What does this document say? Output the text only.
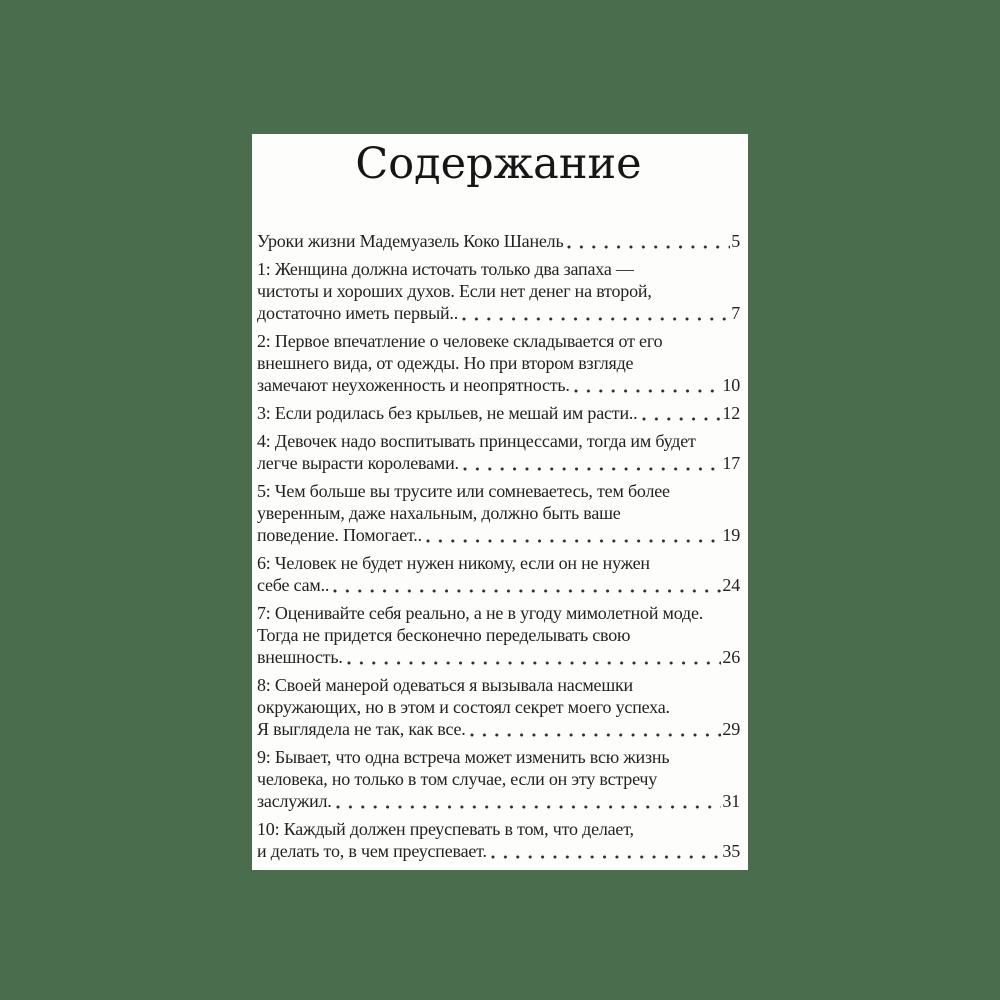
Содержание
Уроки жизни Мадемуазель Коко Шанель	5
1: Женщина должна источать только два запаха —
чистоты и хороших духов. Если нет денег на второй,
достаточно иметь первый..	7
2: Первое впечатление о человеке складывается от его
внешнего вида, от одежды. Но при втором взгляде
замечают неухоженность и неопрятность.	10
3: Если родилась без крыльев, не мешай им расти..	12
4: Девочек надо воспитывать принцессами, тогда им будет
легче вырасти королевами.	17
5: Чем больше вы трусите или сомневаетесь, тем более
уверенным, даже нахальным, должно быть ваше
поведение. Помогает..	19
6: Человек не будет нужен никому, если он не нужен
себе сам..	24
7: Оценивайте себя реально, а не в угоду мимолетной моде.
Тогда не придется бесконечно переделывать свою
внешность.	26
8: Своей манерой одеваться я вызывала насмешки
окружающих, но в этом и состоял секрет моего успеха.
Я выглядела не так, как все.	29
9: Бывает, что одна встреча может изменить всю жизнь
человека, но только в том случае, если он эту встречу
заслужил.	31
10: Каждый должен преуспевать в том, что делает,
и делать то, в чем преуспевает.	35
